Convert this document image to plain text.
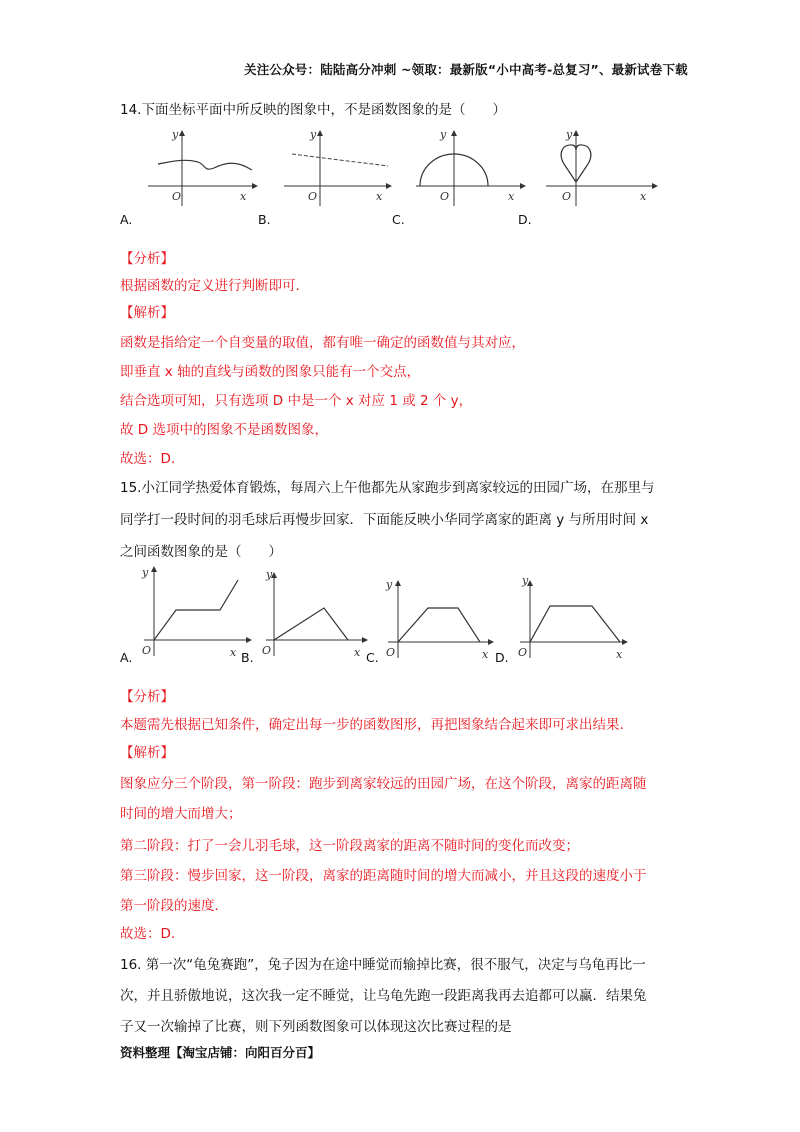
关注公众号：陆陆高分冲刺 ~领取：最新版“小中高考-总复习”、最新试卷下载
14.下面坐标平面中所反映的图象中，不是函数图象的是（　　）
y
x
O
y
x
O
y
x
O
y
x
O
A.	B.	C.	D.
【分析】
根据函数的定义进行判断即可.
【解析】
函数是指给定一个自变量的取值，都有唯一确定的函数值与其对应，
即垂直 x 轴的直线与函数的图象只能有一个交点，
结合选项可知，只有选项 D 中是一个 x 对应 1 或 2 个 y，
故 D 选项中的图象不是函数图象，
故选：D.
15.小江同学热爱体育锻炼，每周六上午他都先从家跑步到离家较远的田园广场，在那里与
同学打一段时间的羽毛球后再慢步回家．下面能反映小华同学离家的距离 y 与所用时间 x
之间函数图象的是（　　）
y
x
O
y
x
O
y
x
O
y
x
O
A.	B.	C.	D.
【分析】
本题需先根据已知条件，确定出每一步的函数图形，再把图象结合起来即可求出结果.
【解析】
图象应分三个阶段，第一阶段：跑步到离家较远的田园广场，在这个阶段，离家的距离随
时间的增大而增大；
第二阶段：打了一会儿羽毛球，这一阶段离家的距离不随时间的变化而改变；
第三阶段：慢步回家，这一阶段，离家的距离随时间的增大而减小，并且这段的速度小于
第一阶段的速度.
故选：D.
16. 第一次“龟兔赛跑”，兔子因为在途中睡觉而输掉比赛，很不服气，决定与乌龟再比一
次，并且骄傲地说，这次我一定不睡觉，让乌龟先跑一段距离我再去追都可以赢．结果兔
子又一次输掉了比赛，则下列函数图象可以体现这次比赛过程的是
资料整理【淘宝店铺：向阳百分百】
